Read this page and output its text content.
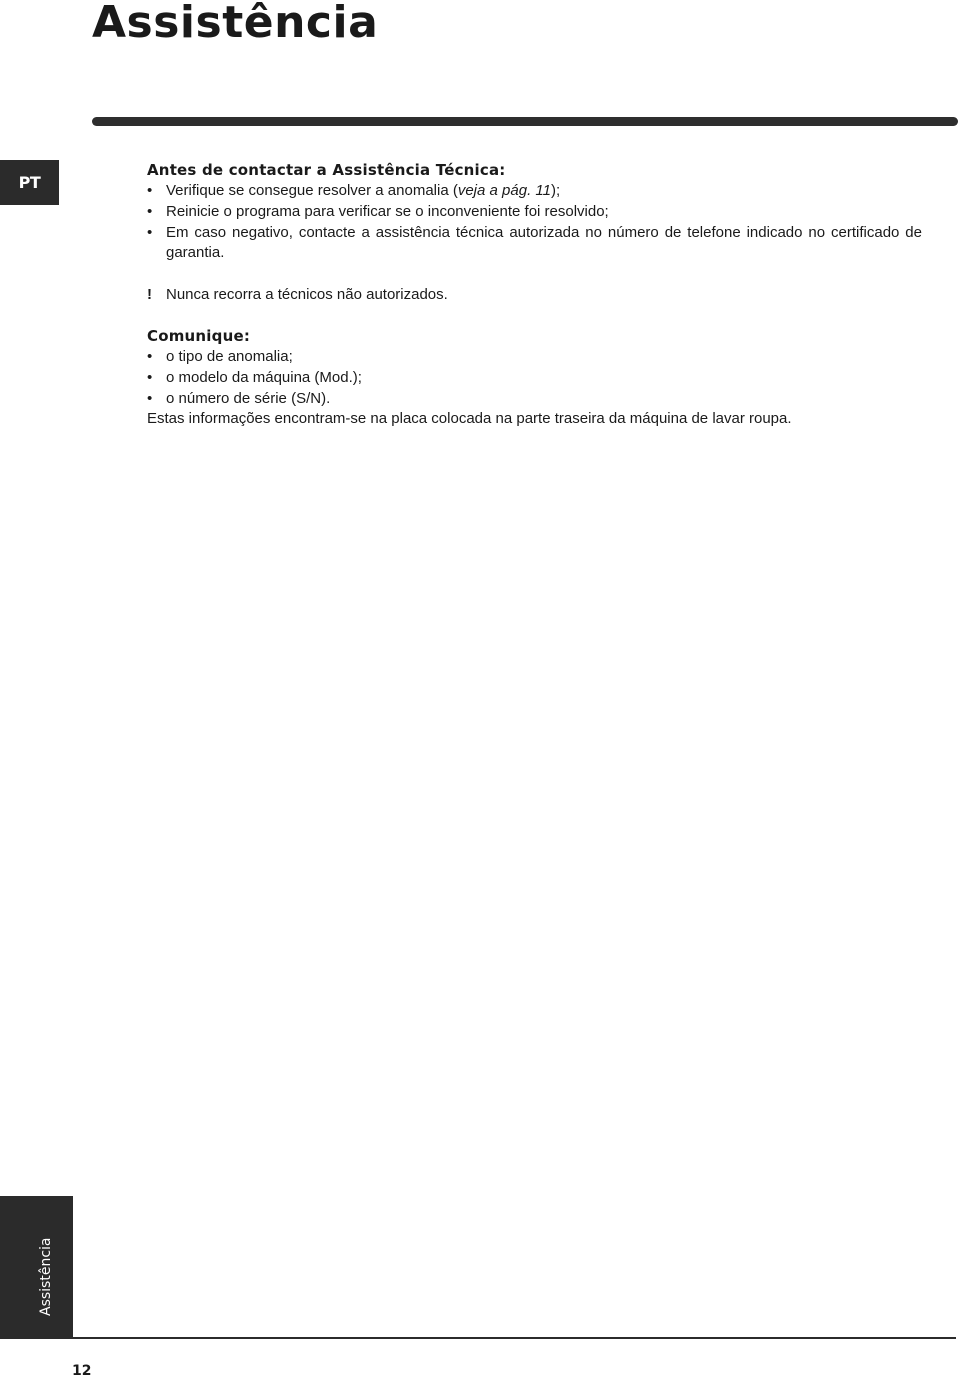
Assistência
PT

Antes de contactar a Assistência Técnica:

• Verifique se consegue resolver a anomalia (veja a pág. 11);
• Reinicie o programa para verificar se o inconveniente foi resolvido;
• Em caso negativo, contacte a assistência técnica autorizada no número de telefone indicado no certificado de garantia.
! Nunca recorra a técnicos não autorizados.

Comunique:

• o tipo de anomalia;
• o modelo da máquina (Mod.);
• o número de série (S/N).

Estas informações encontram-se na placa colocada na parte traseira da máquina de lavar roupa.

Assistência
12
